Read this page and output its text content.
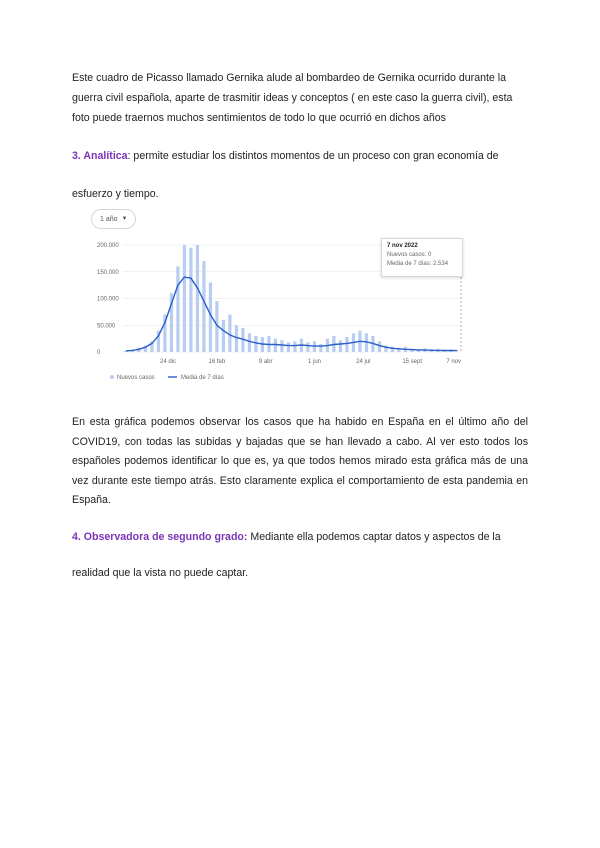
Este cuadro de Picasso llamado Gernika alude al bombardeo de Gernika ocurrido durante la guerra civil española, aparte de trasmitir ideas y conceptos ( en este caso la guerra civil), esta foto puede traernos muchos sentimientos de todo lo que ocurrió en dichos años

3. Analítica: permite estudiar los distintos momentos de un proceso con gran economía de esfuerzo y tiempo.

1 año ▼
0
50.000
100.000
150.000
200.000
24 dic	16 feb	9 abr	1 jun	24 jul	15 sept	7 nov
Nuevos casos	Media de 7 días
7 nov 2022
Nuevos casos: 0
Media de 7 días: 2.534

En esta gráfica podemos observar los casos que ha habido en España en el último año del COVID19, con todas las subidas y bajadas que se han llevado a cabo. Al ver esto todos los españoles podemos identificar lo que es, ya que todos hemos mirado esta gráfica más de una vez durante este tiempo atrás. Esto claramente explica el comportamiento de esta pandemia en España.

4. Observadora de segundo grado: Mediante ella podemos captar datos y aspectos de la realidad que la vista no puede captar.
